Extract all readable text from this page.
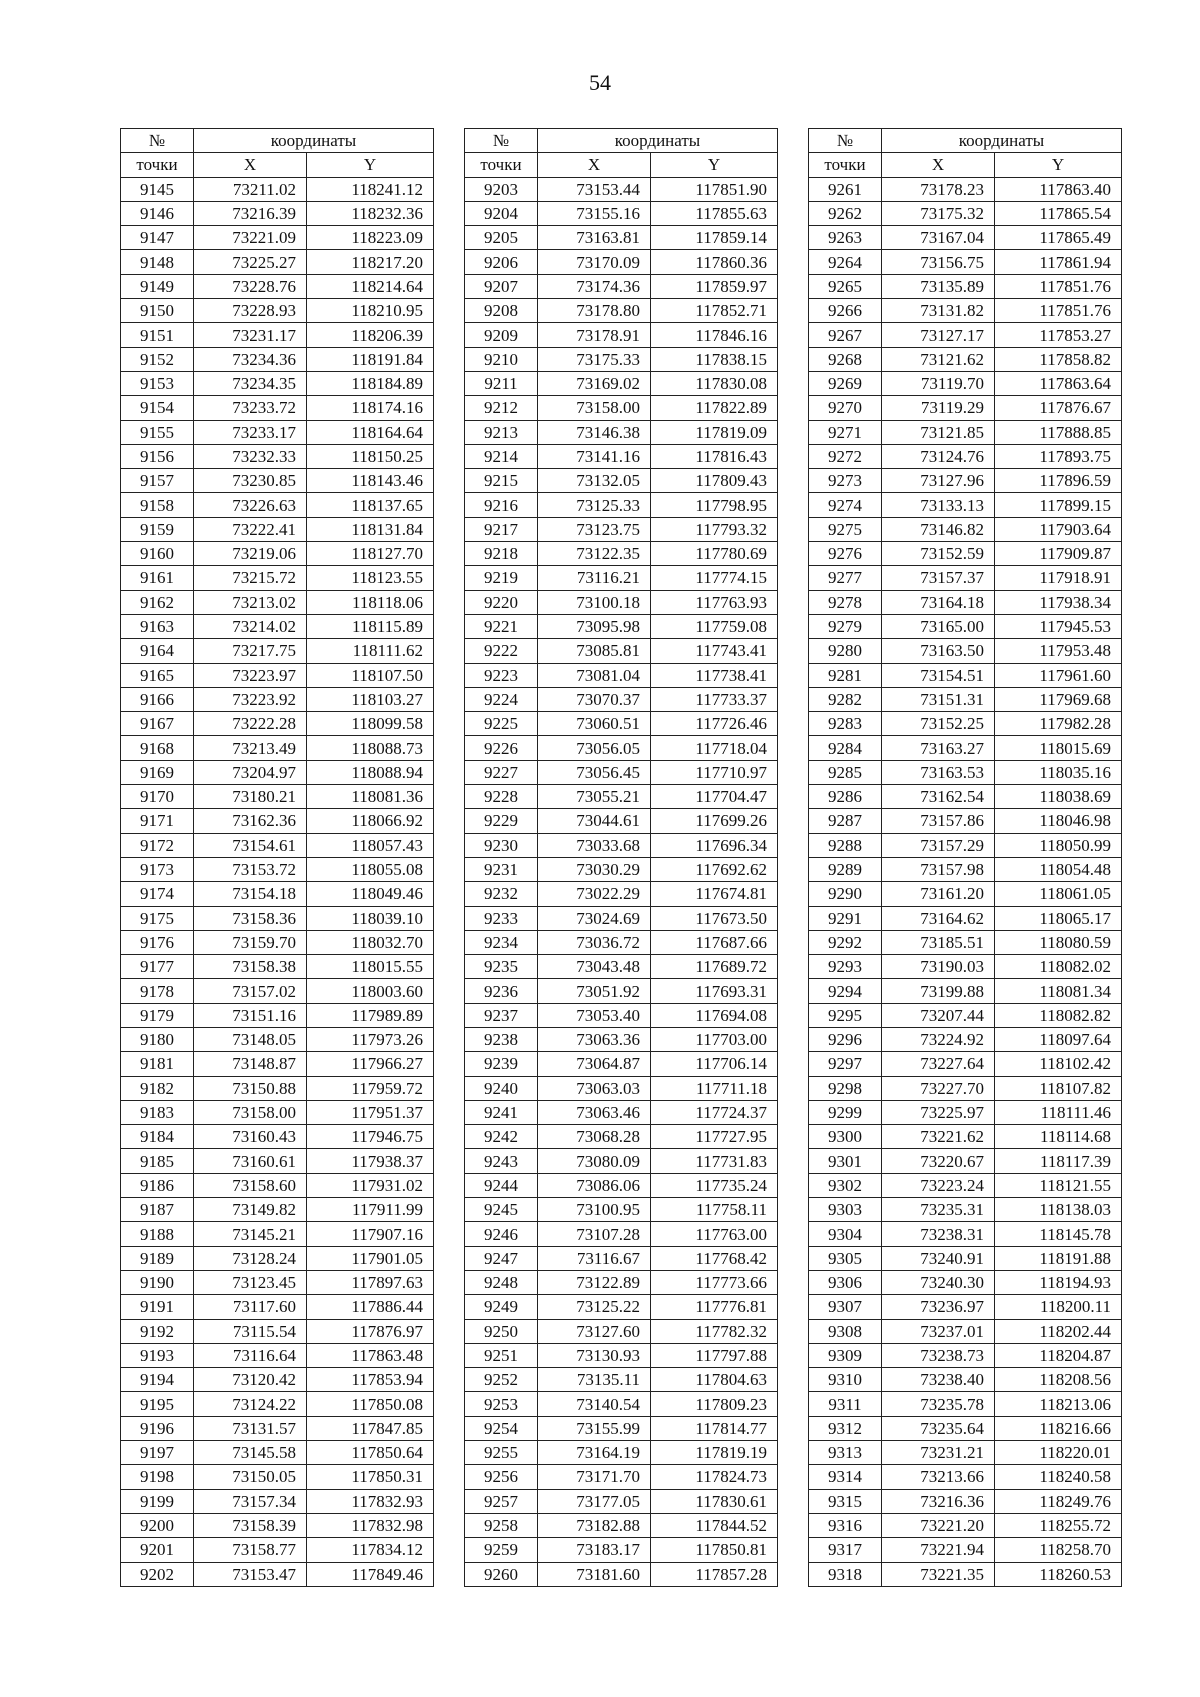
54
№	координаты	
точки	X	Y
9145	73211.02	118241.12
9146	73216.39	118232.36
9147	73221.09	118223.09
9148	73225.27	118217.20
9149	73228.76	118214.64
9150	73228.93	118210.95
9151	73231.17	118206.39
9152	73234.36	118191.84
9153	73234.35	118184.89
9154	73233.72	118174.16
9155	73233.17	118164.64
9156	73232.33	118150.25
9157	73230.85	118143.46
9158	73226.63	118137.65
9159	73222.41	118131.84
9160	73219.06	118127.70
9161	73215.72	118123.55
9162	73213.02	118118.06
9163	73214.02	118115.89
9164	73217.75	118111.62
9165	73223.97	118107.50
9166	73223.92	118103.27
9167	73222.28	118099.58
9168	73213.49	118088.73
9169	73204.97	118088.94
9170	73180.21	118081.36
9171	73162.36	118066.92
9172	73154.61	118057.43
9173	73153.72	118055.08
9174	73154.18	118049.46
9175	73158.36	118039.10
9176	73159.70	118032.70
9177	73158.38	118015.55
9178	73157.02	118003.60
9179	73151.16	117989.89
9180	73148.05	117973.26
9181	73148.87	117966.27
9182	73150.88	117959.72
9183	73158.00	117951.37
9184	73160.43	117946.75
9185	73160.61	117938.37
9186	73158.60	117931.02
9187	73149.82	117911.99
9188	73145.21	117907.16
9189	73128.24	117901.05
9190	73123.45	117897.63
9191	73117.60	117886.44
9192	73115.54	117876.97
9193	73116.64	117863.48
9194	73120.42	117853.94
9195	73124.22	117850.08
9196	73131.57	117847.85
9197	73145.58	117850.64
9198	73150.05	117850.31
9199	73157.34	117832.93
9200	73158.39	117832.98
9201	73158.77	117834.12
9202	73153.47	117849.46
№	координаты	
точки	X	Y
9203	73153.44	117851.90
9204	73155.16	117855.63
9205	73163.81	117859.14
9206	73170.09	117860.36
9207	73174.36	117859.97
9208	73178.80	117852.71
9209	73178.91	117846.16
9210	73175.33	117838.15
9211	73169.02	117830.08
9212	73158.00	117822.89
9213	73146.38	117819.09
9214	73141.16	117816.43
9215	73132.05	117809.43
9216	73125.33	117798.95
9217	73123.75	117793.32
9218	73122.35	117780.69
9219	73116.21	117774.15
9220	73100.18	117763.93
9221	73095.98	117759.08
9222	73085.81	117743.41
9223	73081.04	117738.41
9224	73070.37	117733.37
9225	73060.51	117726.46
9226	73056.05	117718.04
9227	73056.45	117710.97
9228	73055.21	117704.47
9229	73044.61	117699.26
9230	73033.68	117696.34
9231	73030.29	117692.62
9232	73022.29	117674.81
9233	73024.69	117673.50
9234	73036.72	117687.66
9235	73043.48	117689.72
9236	73051.92	117693.31
9237	73053.40	117694.08
9238	73063.36	117703.00
9239	73064.87	117706.14
9240	73063.03	117711.18
9241	73063.46	117724.37
9242	73068.28	117727.95
9243	73080.09	117731.83
9244	73086.06	117735.24
9245	73100.95	117758.11
9246	73107.28	117763.00
9247	73116.67	117768.42
9248	73122.89	117773.66
9249	73125.22	117776.81
9250	73127.60	117782.32
9251	73130.93	117797.88
9252	73135.11	117804.63
9253	73140.54	117809.23
9254	73155.99	117814.77
9255	73164.19	117819.19
9256	73171.70	117824.73
9257	73177.05	117830.61
9258	73182.88	117844.52
9259	73183.17	117850.81
9260	73181.60	117857.28
№	координаты	
точки	X	Y
9261	73178.23	117863.40
9262	73175.32	117865.54
9263	73167.04	117865.49
9264	73156.75	117861.94
9265	73135.89	117851.76
9266	73131.82	117851.76
9267	73127.17	117853.27
9268	73121.62	117858.82
9269	73119.70	117863.64
9270	73119.29	117876.67
9271	73121.85	117888.85
9272	73124.76	117893.75
9273	73127.96	117896.59
9274	73133.13	117899.15
9275	73146.82	117903.64
9276	73152.59	117909.87
9277	73157.37	117918.91
9278	73164.18	117938.34
9279	73165.00	117945.53
9280	73163.50	117953.48
9281	73154.51	117961.60
9282	73151.31	117969.68
9283	73152.25	117982.28
9284	73163.27	118015.69
9285	73163.53	118035.16
9286	73162.54	118038.69
9287	73157.86	118046.98
9288	73157.29	118050.99
9289	73157.98	118054.48
9290	73161.20	118061.05
9291	73164.62	118065.17
9292	73185.51	118080.59
9293	73190.03	118082.02
9294	73199.88	118081.34
9295	73207.44	118082.82
9296	73224.92	118097.64
9297	73227.64	118102.42
9298	73227.70	118107.82
9299	73225.97	118111.46
9300	73221.62	118114.68
9301	73220.67	118117.39
9302	73223.24	118121.55
9303	73235.31	118138.03
9304	73238.31	118145.78
9305	73240.91	118191.88
9306	73240.30	118194.93
9307	73236.97	118200.11
9308	73237.01	118202.44
9309	73238.73	118204.87
9310	73238.40	118208.56
9311	73235.78	118213.06
9312	73235.64	118216.66
9313	73231.21	118220.01
9314	73213.66	118240.58
9315	73216.36	118249.76
9316	73221.20	118255.72
9317	73221.94	118258.70
9318	73221.35	118260.53
